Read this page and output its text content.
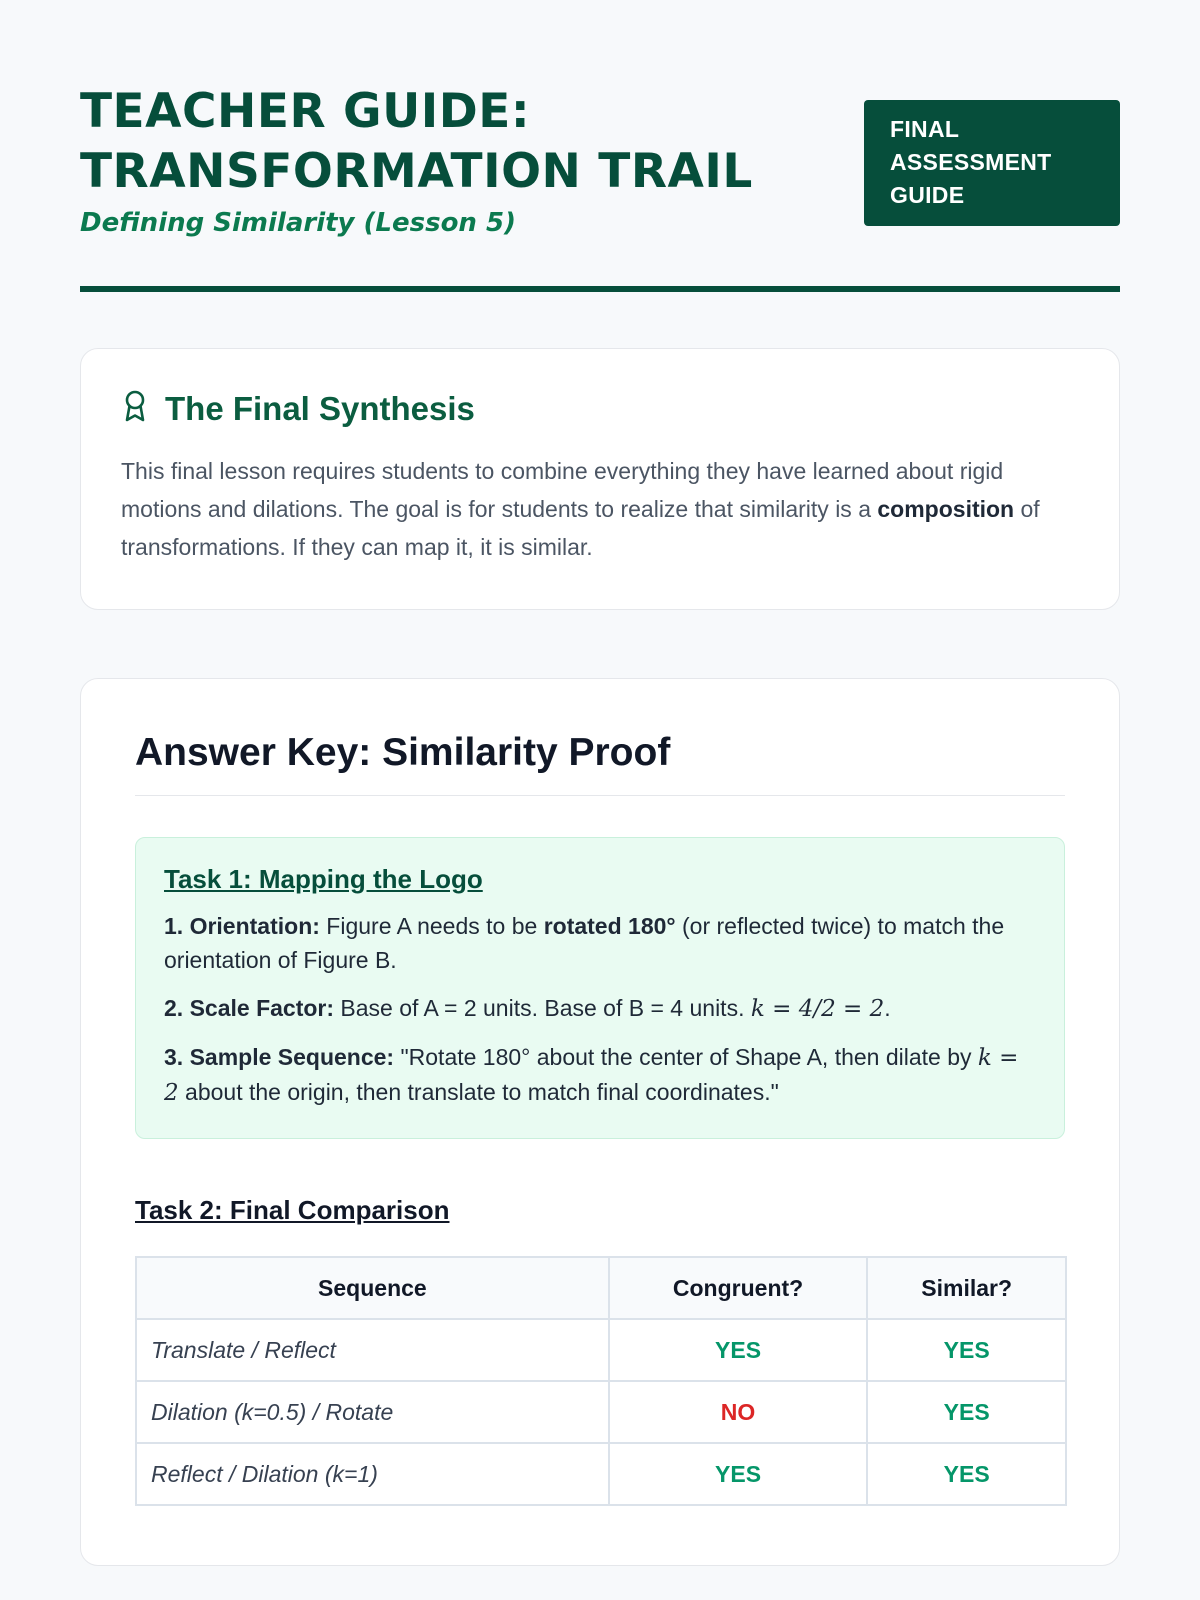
TEACHER GUIDE:
TRANSFORMATION TRAIL
Defining Similarity (Lesson 5)
FINAL
ASSESSMENT
GUIDE
The Final Synthesis
This final lesson requires students to combine everything they have learned about rigid motions and dilations. The goal is for students to realize that similarity is a composition of transformations. If they can map it, it is similar.
Answer Key: Similarity Proof
Task 1: Mapping the Logo

1. Orientation: Figure A needs to be rotated 180° (or reflected twice) to match the orientation of Figure B.

2. Scale Factor: Base of A = 2 units. Base of B = 4 units. k = 4/2 = 2.

3. Sample Sequence: "Rotate 180° about the center of Shape A, then dilate by k = 2 about the origin, then translate to match final coordinates."

Task 2: Final Comparison
Sequence	Congruent?	Similar?
Translate / Reflect	YES	YES
Dilation (k=0.5) / Rotate	NO	YES
Reflect / Dilation (k=1)	YES	YES
